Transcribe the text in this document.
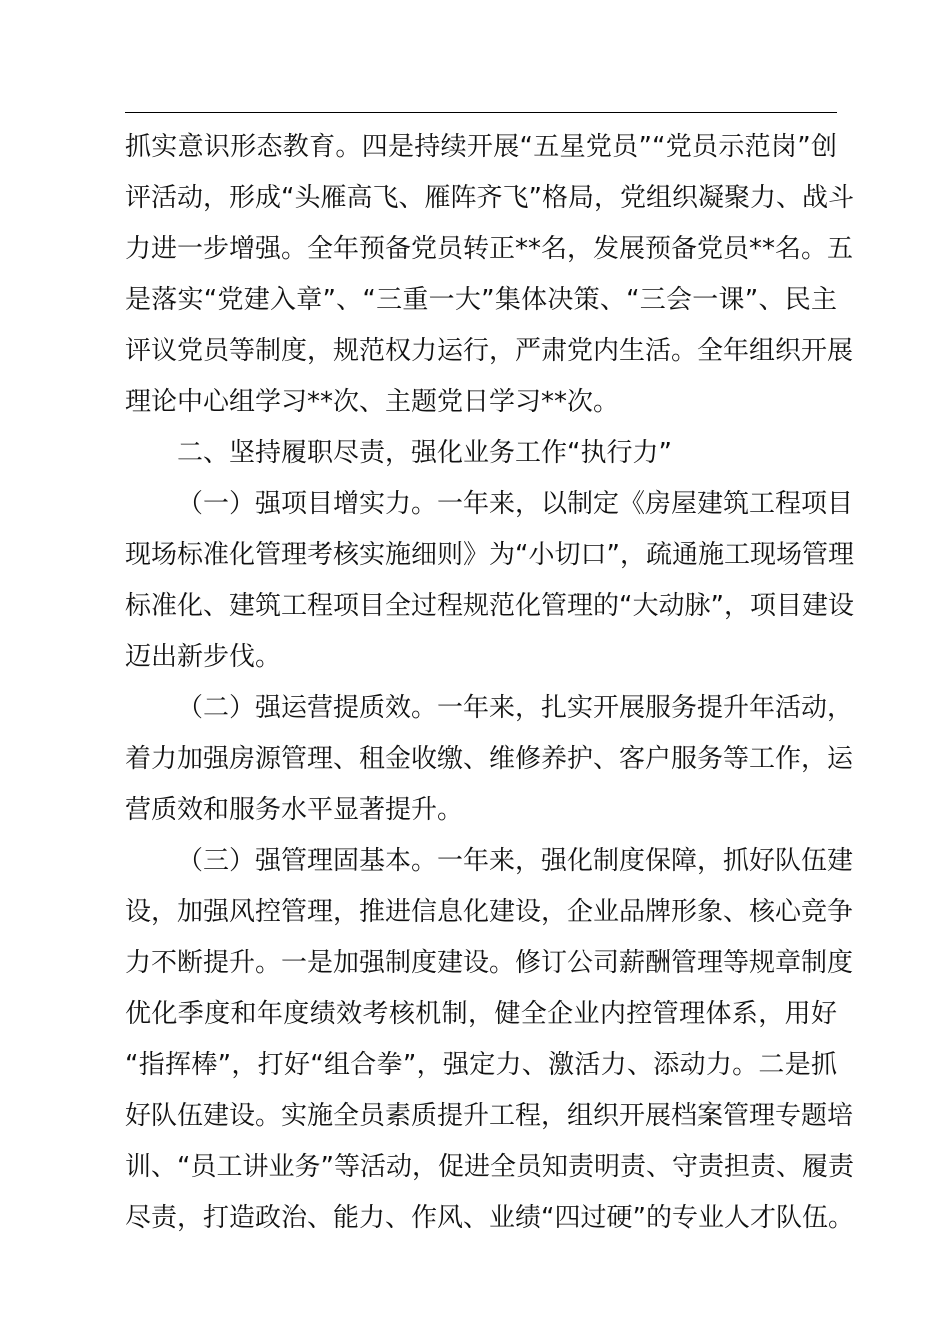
抓实意识形态教育。四是持续开展“五星党员”“党员示范岗”创
评活动，形成“头雁高飞、雁阵齐飞”格局，党组织凝聚力、战斗
力进一步增强。全年预备党员转正**名，发展预备党员**名。五
是落实“党建入章”、“三重一大”集体决策、“三会一课”、民主
评议党员等制度，规范权力运行，严肃党内生活。全年组织开展
理论中心组学习**次、主题党日学习**次。
二、坚持履职尽责，强化业务工作“执行力”
（一）强项目增实力。一年来，以制定《房屋建筑工程项目
现场标准化管理考核实施细则》为“小切口”，疏通施工现场管理
标准化、建筑工程项目全过程规范化管理的“大动脉”，项目建设
迈出新步伐。
（二）强运营提质效。一年来，扎实开展服务提升年活动，
着力加强房源管理、租金收缴、维修养护、客户服务等工作，运
营质效和服务水平显著提升。
（三）强管理固基本。一年来，强化制度保障，抓好队伍建
设，加强风控管理，推进信息化建设，企业品牌形象、核心竞争
力不断提升。一是加强制度建设。修订公司薪酬管理等规章制度
优化季度和年度绩效考核机制，健全企业内控管理体系，用好
“指挥棒”，打好“组合拳”，强定力、激活力、添动力。二是抓
好队伍建设。实施全员素质提升工程，组织开展档案管理专题培
训、“员工讲业务”等活动，促进全员知责明责、守责担责、履责
尽责，打造政治、能力、作风、业绩“四过硬”的专业人才队伍。
